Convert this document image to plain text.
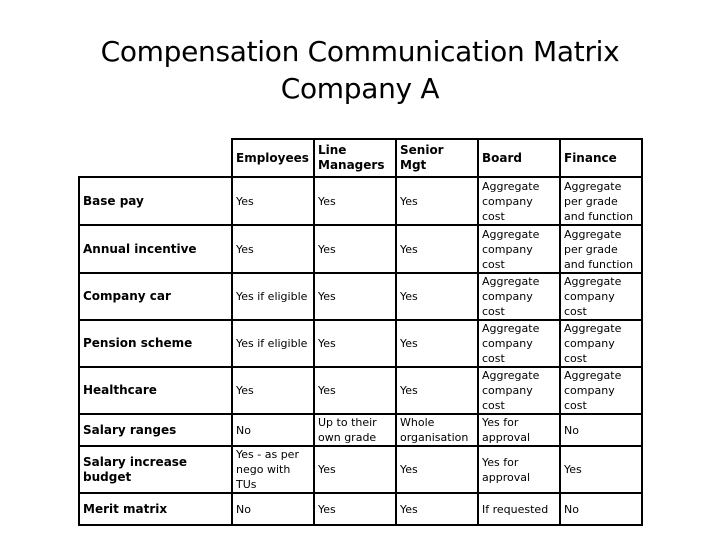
Compensation Communication Matrix
Company A
	Employees	Line Managers	Senior Mgt	Board	Finance
Base pay	Yes	Yes	Yes	Aggregate company cost	Aggregate per grade and function
Annual incentive	Yes	Yes	Yes	Aggregate company cost	Aggregate per grade and function
Company car	Yes if eligible	Yes	Yes	Aggregate company cost	Aggregate company cost
Pension scheme	Yes if eligible	Yes	Yes	Aggregate company cost	Aggregate company cost
Healthcare	Yes	Yes	Yes	Aggregate company cost	Aggregate company cost
Salary ranges	No	Up to their own grade	Whole organisation	Yes for approval	No
Salary increase budget	Yes - as per nego with TUs	Yes	Yes	Yes for approval	Yes
Merit matrix	No	Yes	Yes	If requested	No
